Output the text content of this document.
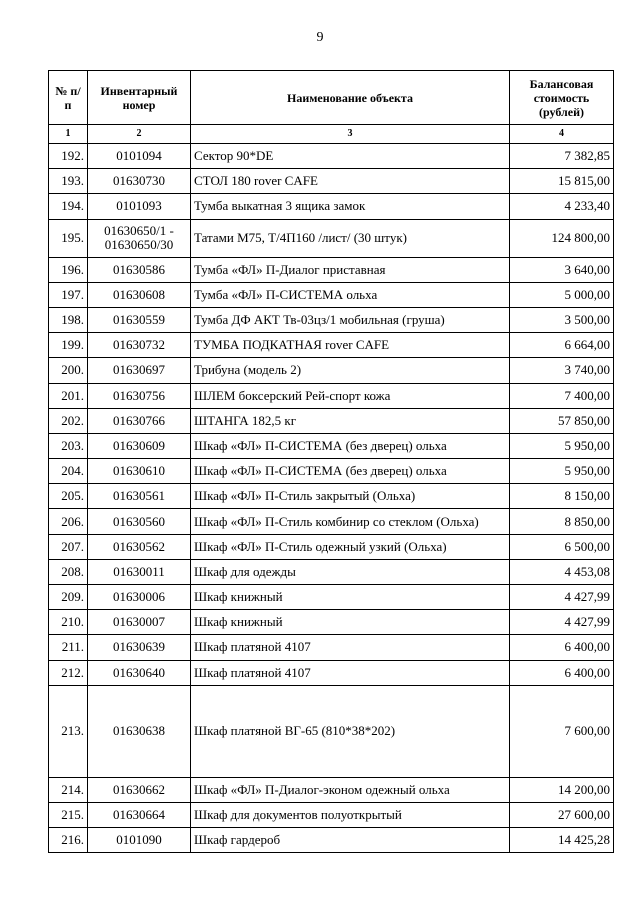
9
№ п/п	Инвентарный номер	Наименование объекта	Балансовая стоимость (рублей)
1	2	3	4
192.	0101094	Сектор 90*DE	7 382,85
193.	01630730	СТОЛ 180 rover CAFE	15 815,00
194.	0101093	Тумба выкатная 3 ящика замок	4 233,40
195.	01630650/1 - 01630650/30	Татами М75, Т/4П160 /лист/ (30 штук)	124 800,00
196.	01630586	Тумба «ФЛ» П-Диалог приставная	3 640,00
197.	01630608	Тумба «ФЛ» П-СИСТЕМА ольха	5 000,00
198.	01630559	Тумба ДФ АКТ Тв-03цз/1 мобильная (груша)	3 500,00
199.	01630732	ТУМБА ПОДКАТНАЯ rover CAFE	6 664,00
200.	01630697	Трибуна (модель 2)	3 740,00
201.	01630756	ШЛЕМ боксерский Рей-спорт кожа	7 400,00
202.	01630766	ШТАНГА 182,5 кг	57 850,00
203.	01630609	Шкаф «ФЛ» П-СИСТЕМА (без дверец) ольха	5 950,00
204.	01630610	Шкаф «ФЛ» П-СИСТЕМА (без дверец) ольха	5 950,00
205.	01630561	Шкаф «ФЛ» П-Стиль закрытый (Ольха)	8 150,00
206.	01630560	Шкаф «ФЛ» П-Стиль комбинир со стеклом (Ольха)	8 850,00
207.	01630562	Шкаф «ФЛ» П-Стиль одежный узкий (Ольха)	6 500,00
208.	01630011	Шкаф для одежды	4 453,08
209.	01630006	Шкаф книжный	4 427,99
210.	01630007	Шкаф книжный	4 427,99
211.	01630639	Шкаф платяной 4107	6 400,00
212.	01630640	Шкаф платяной 4107	6 400,00
213.	01630638	Шкаф платяной ВГ-65 (810*38*202)	7 600,00
214.	01630662	Шкаф «ФЛ» П-Диалог-эконом одежный ольха	14 200,00
215.	01630664	Шкаф для документов полуоткрытый	27 600,00
216.	0101090	Шкаф гардероб	14 425,28
